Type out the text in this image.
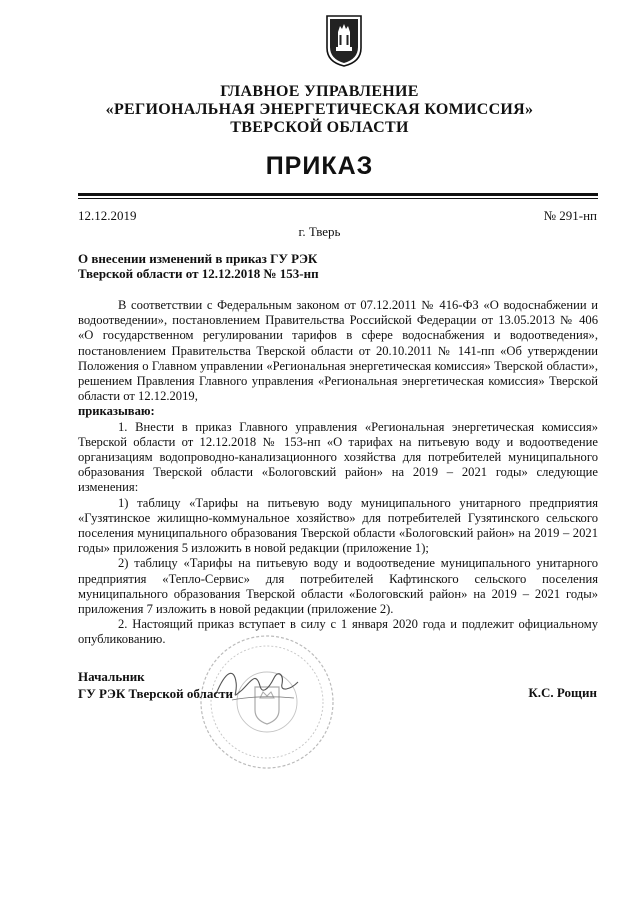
ГЛАВНОЕ УПРАВЛЕНИЕ
«РЕГИОНАЛЬНАЯ ЭНЕРГЕТИЧЕСКАЯ КОМИССИЯ»
ТВЕРСКОЙ ОБЛАСТИ
ПРИКАЗ
12.12.2019	№ 291-нп
г. Тверь
О внесении изменений в приказ ГУ РЭК
Тверской области от 12.12.2018 № 153-нп

В соответствии с Федеральным законом от 07.12.2011 № 416-ФЗ «О водоснабжении и водоотведении», постановлением Правительства Российской Федерации от 13.05.2013 № 406 «О государственном регулировании тарифов в сфере водоснабжения и водоотведения», постановлением Правительства Тверской области от 20.10.2011 № 141-пп «Об утверждении Положения о Главном управлении «Региональная энергетическая комиссия» Тверской области», решением Правления Главного управления «Региональная энергетическая комиссия» Тверской области от 12.12.2019,

приказываю:

1. Внести в приказ Главного управления «Региональная энергетическая комиссия» Тверской области от 12.12.2018 № 153-нп «О тарифах на питьевую воду и водоотведение организациям водопроводно-канализационного хозяйства для потребителей муниципального образования Тверской области «Бологовский район» на 2019 – 2021 годы» следующие изменения:

1) таблицу «Тарифы на питьевую воду муниципального унитарного предприятия «Гузятинское жилищно-коммунальное хозяйство» для потребителей Гузятинского сельского поселения муниципального образования Тверской области «Бологовский район» на 2019 – 2021 годы» приложения 5 изложить в новой редакции (приложение 1);

2) таблицу «Тарифы на питьевую воду и водоотведение муниципального унитарного предприятия «Тепло-Сервис» для потребителей Кафтинского сельского поселения муниципального образования Тверской области «Бологовский район» на 2019 – 2021 годы» приложения 7 изложить в новой редакции (приложение 2).

2. Настоящий приказ вступает в силу с 1 января 2020 года и подлежит официальному опубликованию.

Начальник
ГУ РЭК Тверской области	К.С. Рощин
